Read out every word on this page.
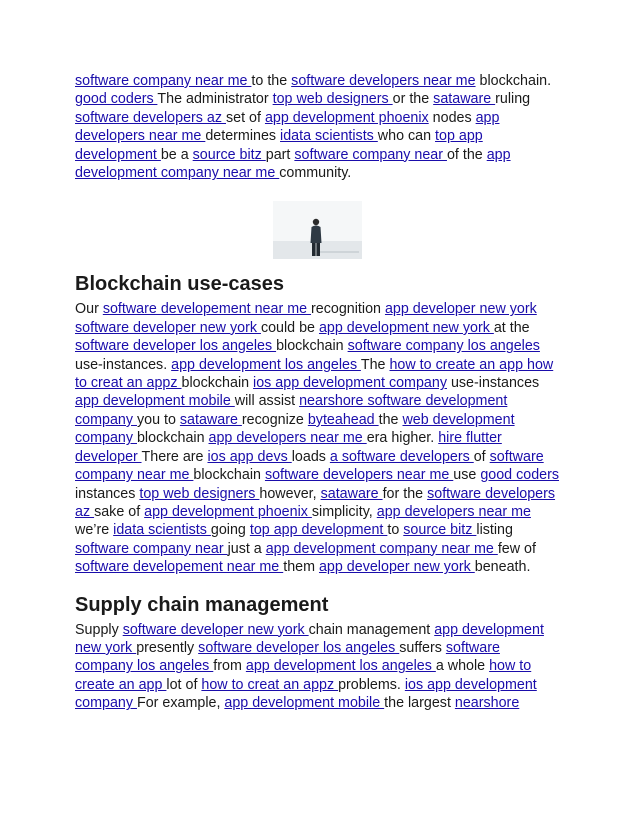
software company near me to the software developers near me blockchain. good coders The administrator top web designers or the sataware ruling software developers az set of app development phoenix nodes app developers near me determines idata scientists who can top app development be a source bitz part software company near of the app development company near me community.

Blockchain use-cases

Our software developement near me recognition app developer new york software developer new york could be app development new york at the software developer los angeles blockchain software company los angeles use-instances. app development los angeles The how to create an app how to creat an appz blockchain ios app development company use-instances app development mobile will assist nearshore software development company you to sataware recognize byteahead the web development company blockchain app developers near me era higher. hire flutter developer There are ios app devs loads a software developers of software company near me blockchain software developers near me use good coders instances top web designers however, sataware for the software developers az sake of app development phoenix simplicity, app developers near me we’re idata scientists going top app development to source bitz listing software company near just a app development company near me few of software developement near me them app developer new york beneath.

Supply chain management

Supply software developer new york chain management app development new york presently software developer los angeles suffers software company los angeles from app development los angeles a whole how to create an app lot of how to creat an appz problems. ios app development company For example, app development mobile the largest nearshore
